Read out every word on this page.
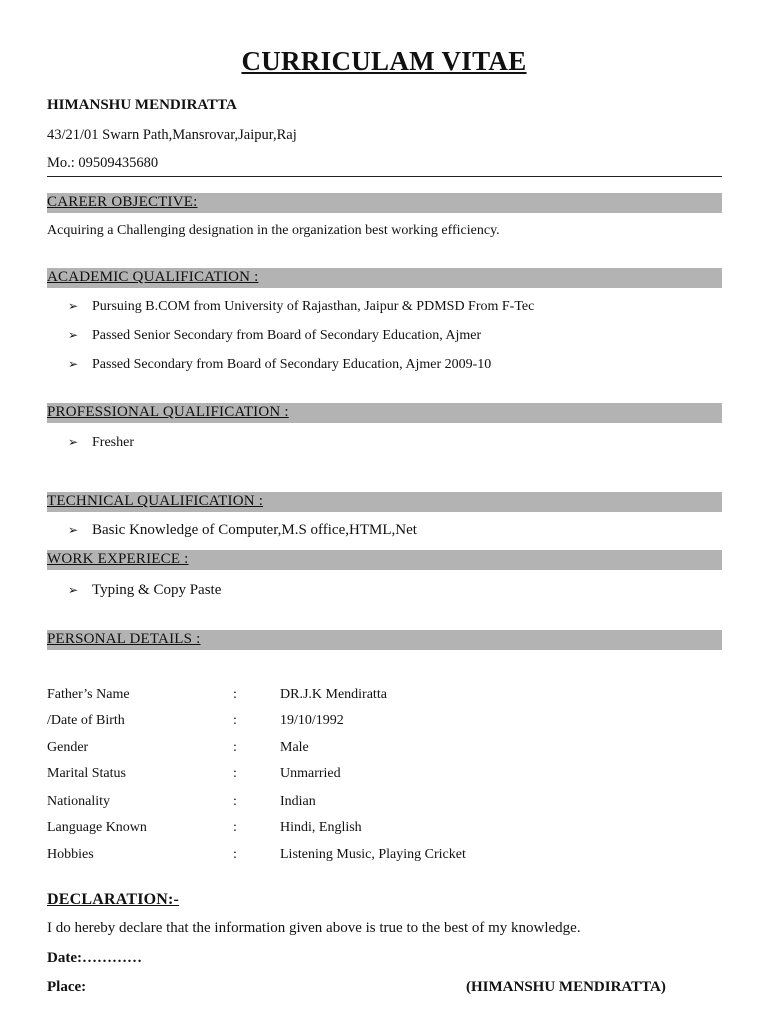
CURRICULAM VITAE
HIMANSHU MENDIRATTA
43/21/01 Swarn Path,Mansrovar,Jaipur,Raj
Mo.: 09509435680
CAREER OBJECTIVE:
Acquiring a Challenging designation in the organization best working efficiency.
ACADEMIC QUALIFICATION :
➢ Pursuing B.COM from University of Rajasthan, Jaipur & PDMSD From F-Tec
➢ Passed Senior Secondary from Board of Secondary Education, Ajmer
➢ Passed Secondary from Board of Secondary Education, Ajmer 2009-10
PROFESSIONAL QUALIFICATION :
➢ Fresher
TECHNICAL QUALIFICATION :
➢ Basic Knowledge of Computer,M.S office,HTML,Net
WORK EXPERIECE :
➢ Typing & Copy Paste
PERSONAL DETAILS :
Father’s Name	:	DR.J.K Mendiratta
/Date of Birth	:	19/10/1992
Gender	:	Male
Marital Status	:	Unmarried
Nationality	:	Indian
Language Known	:	Hindi, English
Hobbies	:	Listening Music, Playing Cricket
DECLARATION:-
I do hereby declare that the information given above is true to the best of my knowledge.
Date:…………
Place:	(HIMANSHU MENDIRATTA)
